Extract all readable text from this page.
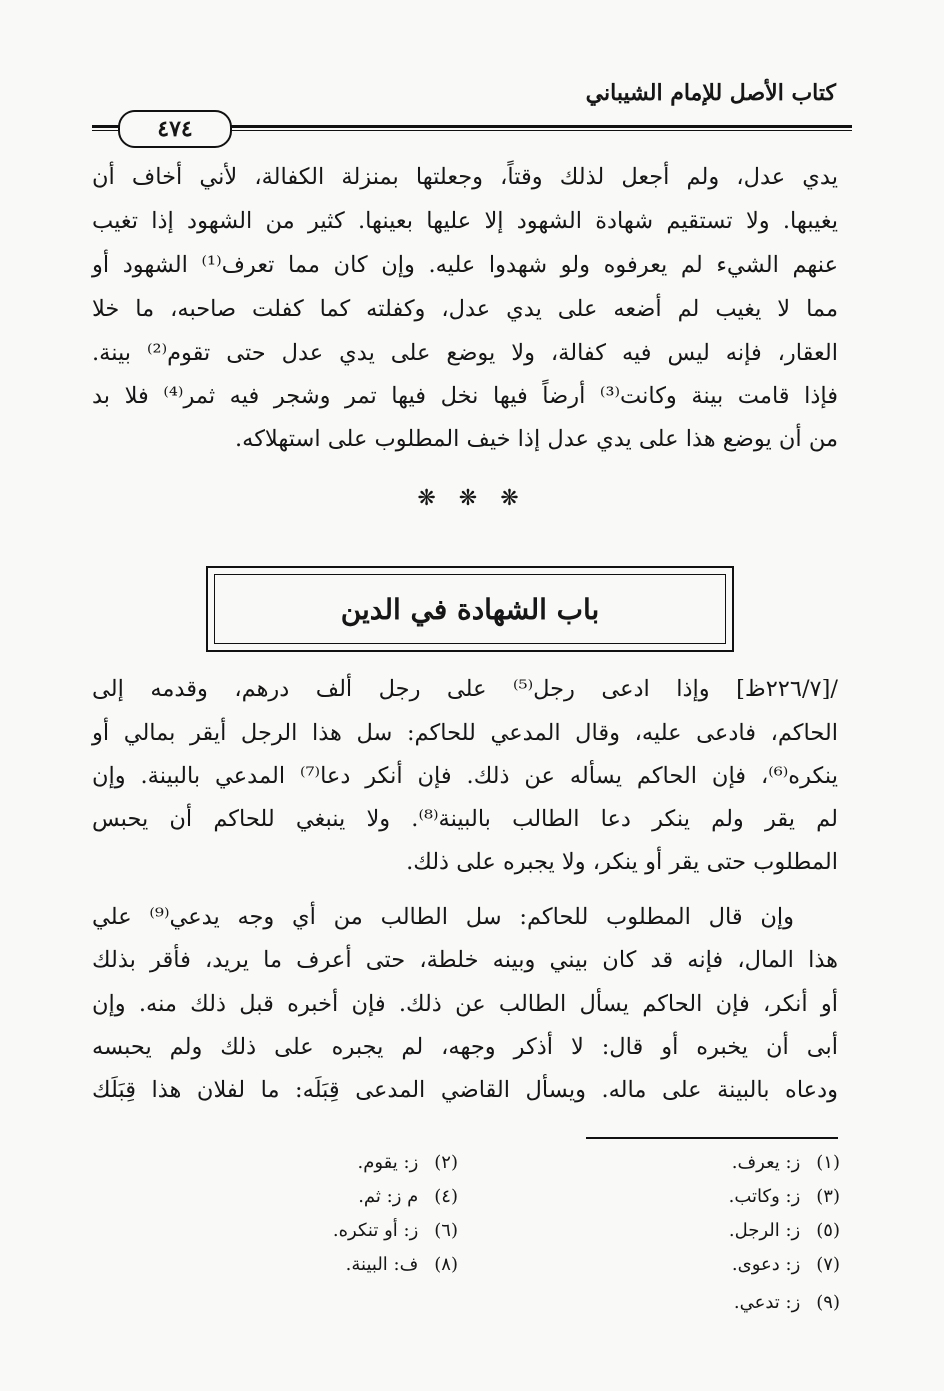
كتاب الأصل للإمام الشيباني
٤٧٤
يدي عدل، ولم أجعل لذلك وقتاً، وجعلتها بمنزلة الكفالة، لأني أخاف أن
يغيبها. ولا تستقيم شهادة الشهود إلا عليها بعينها. كثير من الشهود إذا تغيب
عنهم الشيء لم يعرفوه ولو شهدوا عليه. وإن كان مما تعرف⁽¹⁾ الشهود أو
مما لا يغيب لم أضعه على يدي عدل، وكفلته كما كفلت صاحبه، ما خلا
العقار، فإنه ليس فيه كفالة، ولا يوضع على يدي عدل حتى تقوم⁽²⁾ بينة.
فإذا قامت بينة وكانت⁽³⁾ أرضاً فيها نخل فيها تمر وشجر فيه ثمر⁽⁴⁾ فلا بد
من أن يوضع هذا على يدي عدل إذا خيف المطلوب على استهلاكه.
❋ ❋ ❋
باب الشهادة في الدين
/[٢٢٦/٧ظ] وإذا ادعى رجل⁽⁵⁾ على رجل ألف درهم، وقدمه إلى
الحاكم، فادعى عليه، وقال المدعي للحاكم: سل هذا الرجل أيقر بمالي أو
ينكره⁽⁶⁾، فإن الحاكم يسأله عن ذلك. فإن أنكر دعا⁽⁷⁾ المدعي بالبينة. وإن
لم يقر ولم ينكر دعا الطالب بالبينة⁽⁸⁾. ولا ينبغي للحاكم أن يحبس
المطلوب حتى يقر أو ينكر، ولا يجبره على ذلك.
وإن قال المطلوب للحاكم: سل الطالب من أي وجه يدعي⁽⁹⁾ علي
هذا المال، فإنه قد كان بيني وبينه خلطة، حتى أعرف ما يريد، فأقر بذلك
أو أنكر، فإن الحاكم يسأل الطالب عن ذلك. فإن أخبره قبل ذلك منه. وإن
أبى أن يخبره أو قال: لا أذكر وجهه، لم يجبره على ذلك ولم يحبسه
ودعاه بالبينة على ماله. ويسأل القاضي المدعى قِبَلَه: ما لفلان هذا قِبَلَك
(١)ز: يعرف.
(٢)ز: يقوم.
(٣)ز: وكاتب.
(٤)م ز: ثم.
(٥)ز: الرجل.
(٦)ز: أو تنكره.
(٧)ز: دعوى.
(٨)ف: البينة.
(٩)ز: تدعي.
